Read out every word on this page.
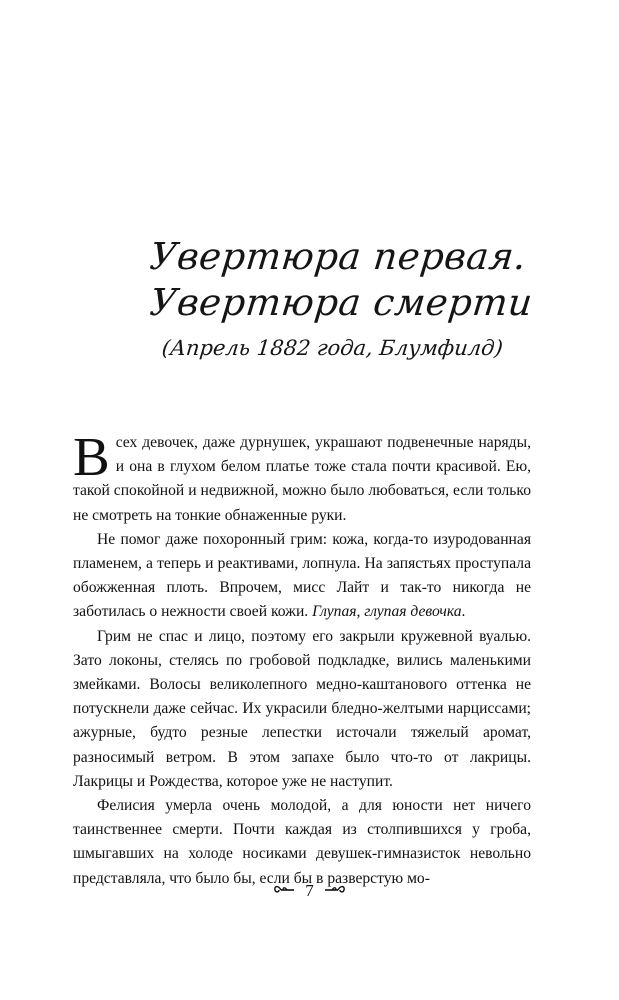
Увертюра первая.
Увертюра смерти
(Апрель 1882 года, Блумфилд)

Всех девочек, даже дурнушек, украшают подвенечные наряды, и она в глухом белом платье тоже стала почти красивой. Ею, такой спокойной и недвижной, можно было любоваться, если только не смотреть на тонкие обнаженные руки.

Не помог даже похоронный грим: кожа, когда-то изуродованная пламенем, а теперь и реактивами, лопнула. На запястьях проступала обожженная плоть. Впрочем, мисс Лайт и так-то никогда не заботилась о нежности своей кожи. Глупая, глупая девочка.

Грим не спас и лицо, поэтому его закрыли кружевной вуалью. Зато локоны, стелясь по гробовой подкладке, вились маленькими змейками. Волосы великолепного медно-каштанового оттенка не потускнели даже сейчас. Их украсили бледно-желтыми нарциссами; ажурные, будто резные лепестки источали тяжелый аромат, разносимый ветром. В этом запахе было что-то от лакрицы. Лакрицы и Рождества, которое уже не наступит.

Фелисия умерла очень молодой, а для юности нет ничего таинственнее смерти. Почти каждая из столпившихся у гроба, шмыгавших на холоде носиками девушек-гимназисток невольно представляла, что было бы, если бы в разверстую мо-

7
